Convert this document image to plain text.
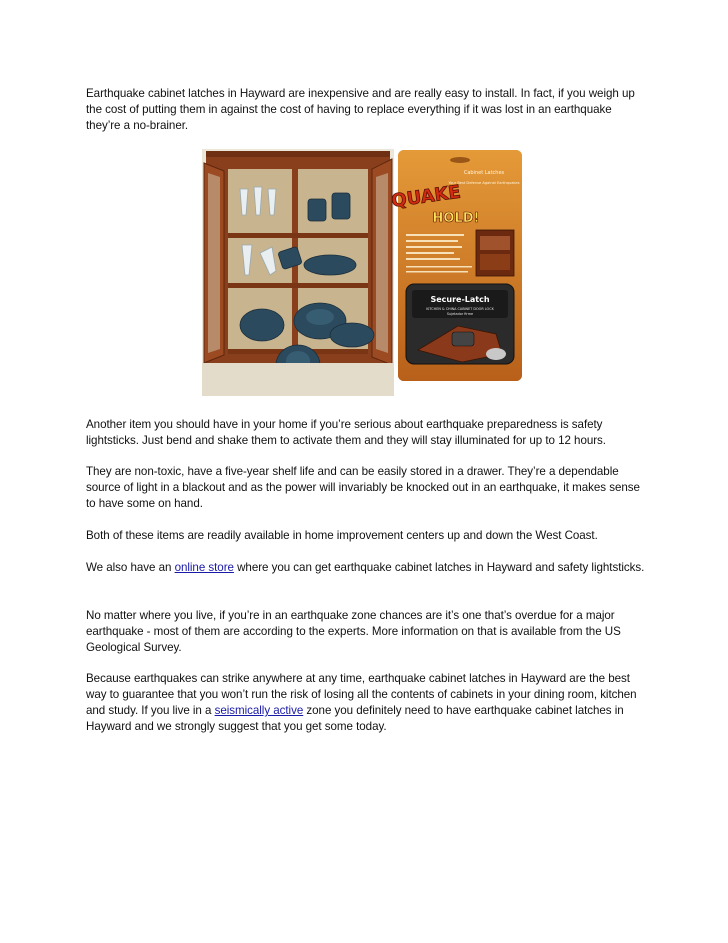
Earthquake cabinet latches in Hayward are inexpensive and are really easy to install. In fact, if you weigh up the cost of putting them in against the cost of having to replace everything if it was lost in an earthquake they’re a no-brainer.

Cabinet Latches
Your Best Defense Against Earthquakes
QUAKE
HOLD!
Secure-Latch
KITCHEN & CHINA CABINET DOOR LOCK
Sujetador firme

Another item you should have in your home if you’re serious about earthquake preparedness is safety lightsticks. Just bend and shake them to activate them and they will stay illuminated for up to 12 hours.

They are non-toxic, have a five-year shelf life and can be easily stored in a drawer. They’re a dependable source of light in a blackout and as the power will invariably be knocked out in an earthquake, it makes sense to have some on hand.

Both of these items are readily available in home improvement centers up and down the West Coast.

We also have an online store where you can get earthquake cabinet latches in Hayward and safety lightsticks.

No matter where you live, if you’re in an earthquake zone chances are it’s one that’s overdue for a major earthquake - most of them are according to the experts. More information on that is available from the US Geological Survey.

Because earthquakes can strike anywhere at any time, earthquake cabinet latches in Hayward are the best way to guarantee that you won’t run the risk of losing all the contents of cabinets in your dining room, kitchen and study. If you live in a seismically active zone you definitely need to have earthquake cabinet latches in Hayward and we strongly suggest that you get some today.
